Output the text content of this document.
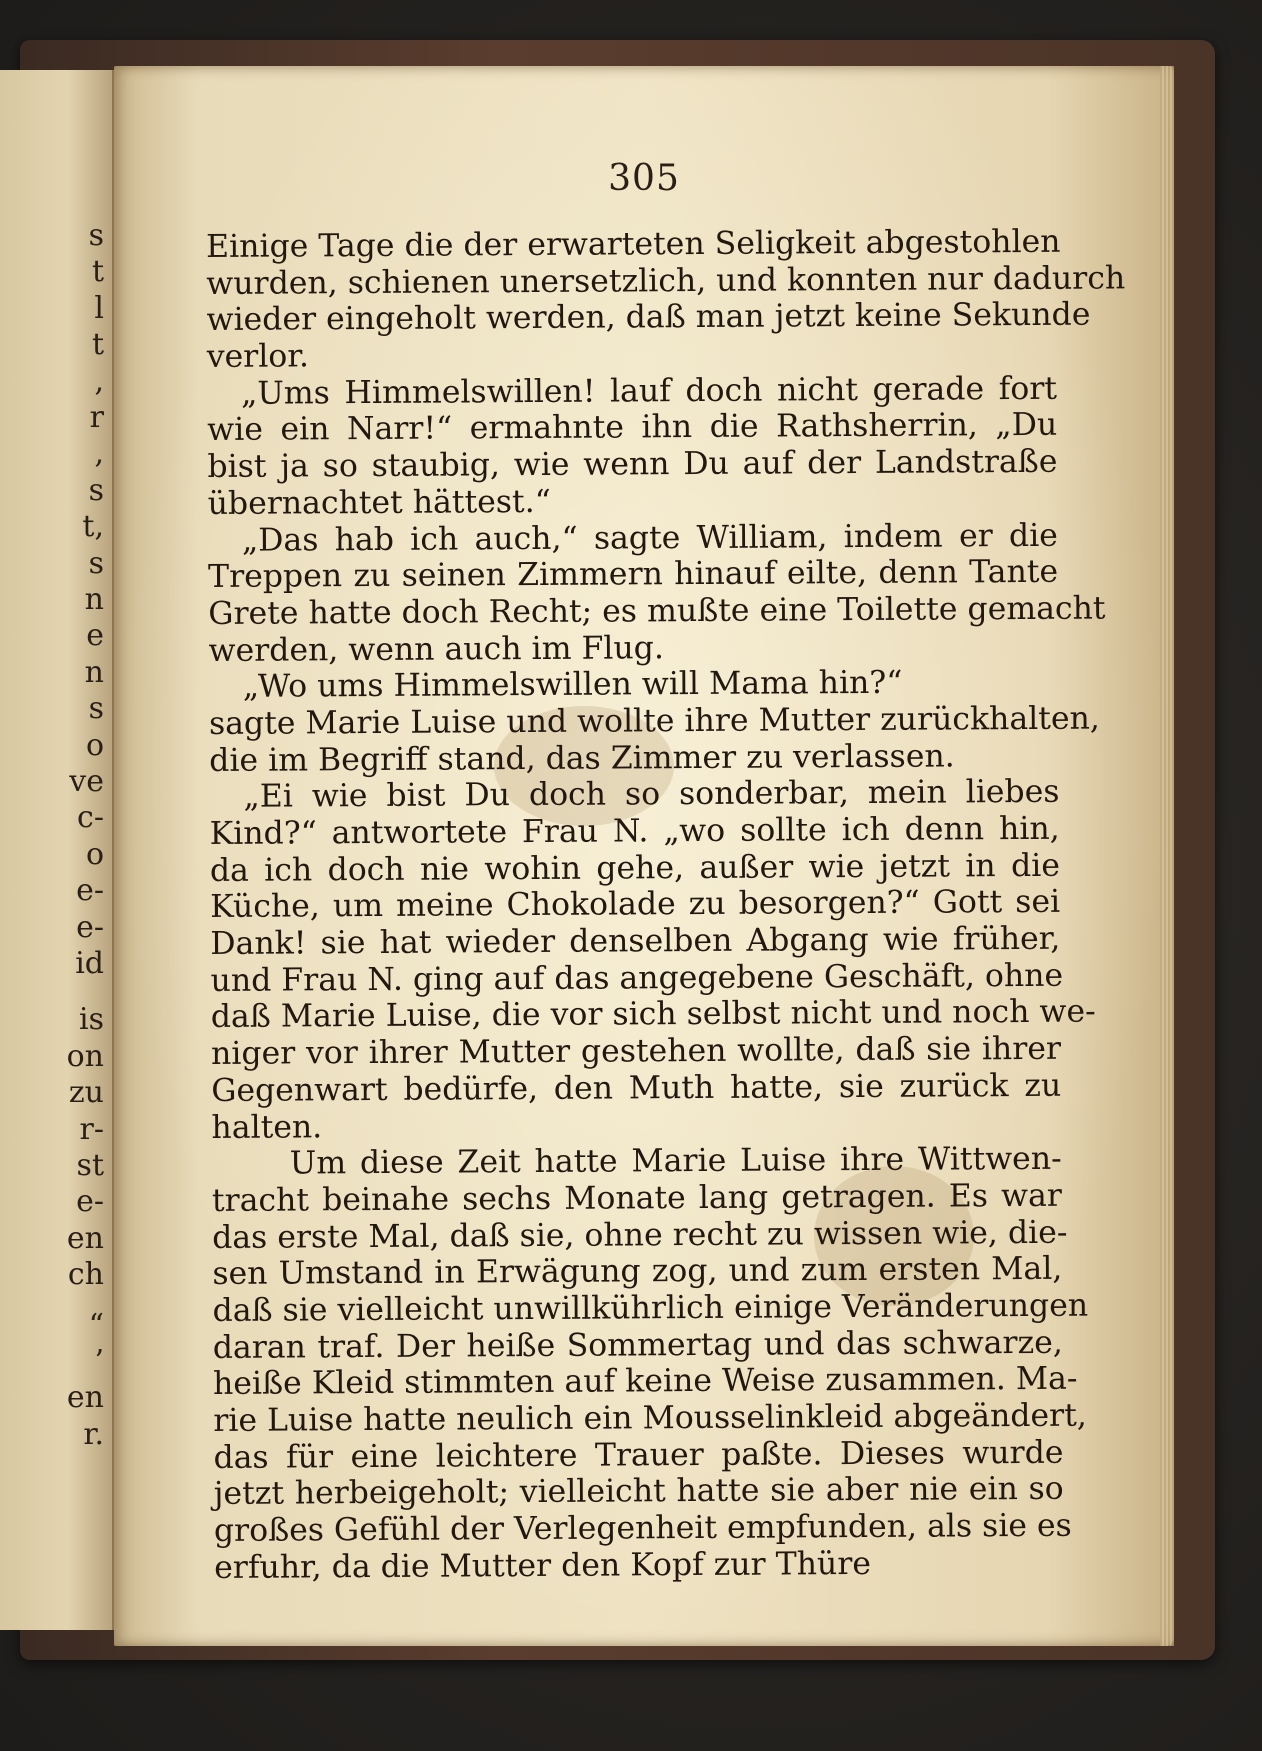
s
t
l
t
,
r
,
s
t,
s
n
e
n
s
o
ve
c-
o
e-
e-
id
is
on
zu
r-
st
e-
en
ch
“
’
en
r.
305
Einige Tage die der erwarteten Seligkeit abgestohlen
wurden, schienen unersetzlich, und konnten nur dadurch
wieder eingeholt werden, daß man jetzt keine Sekunde
verlor.
„Ums Himmelswillen! lauf doch nicht gerade fort
wie ein Narr!“ ermahnte ihn die Rathsherrin, „Du
bist ja so staubig, wie wenn Du auf der Landstraße
übernachtet hättest.“
„Das hab ich auch,“ sagte William, indem er die
Treppen zu seinen Zimmern hinauf eilte, denn Tante
Grete hatte doch Recht; es mußte eine Toilette gemacht
werden, wenn auch im Flug.
„Wo ums Himmelswillen will Mama hin?“
sagte Marie Luise und wollte ihre Mutter zurückhalten,
die im Begriff stand, das Zimmer zu verlassen.
„Ei wie bist Du doch so sonderbar, mein liebes
Kind?“ antwortete Frau N. „wo sollte ich denn hin,
da ich doch nie wohin gehe, außer wie jetzt in die
Küche, um meine Chokolade zu besorgen?“ Gott sei
Dank! sie hat wieder denselben Abgang wie früher,
und Frau N. ging auf das angegebene Geschäft, ohne
daß Marie Luise, die vor sich selbst nicht und noch we-
niger vor ihrer Mutter gestehen wollte, daß sie ihrer
Gegenwart bedürfe, den Muth hatte, sie zurück zu
halten.
Um diese Zeit hatte Marie Luise ihre Wittwen-
tracht beinahe sechs Monate lang getragen. Es war
das erste Mal, daß sie, ohne recht zu wissen wie, die-
sen Umstand in Erwägung zog, und zum ersten Mal,
daß sie vielleicht unwillkührlich einige Veränderungen
daran traf. Der heiße Sommertag und das schwarze,
heiße Kleid stimmten auf keine Weise zusammen. Ma-
rie Luise hatte neulich ein Mousselinkleid abgeändert,
das für eine leichtere Trauer paßte. Dieses wurde
jetzt herbeigeholt; vielleicht hatte sie aber nie ein so
großes Gefühl der Verlegenheit empfunden, als sie es
erfuhr, da die Mutter den Kopf zur Thüre
